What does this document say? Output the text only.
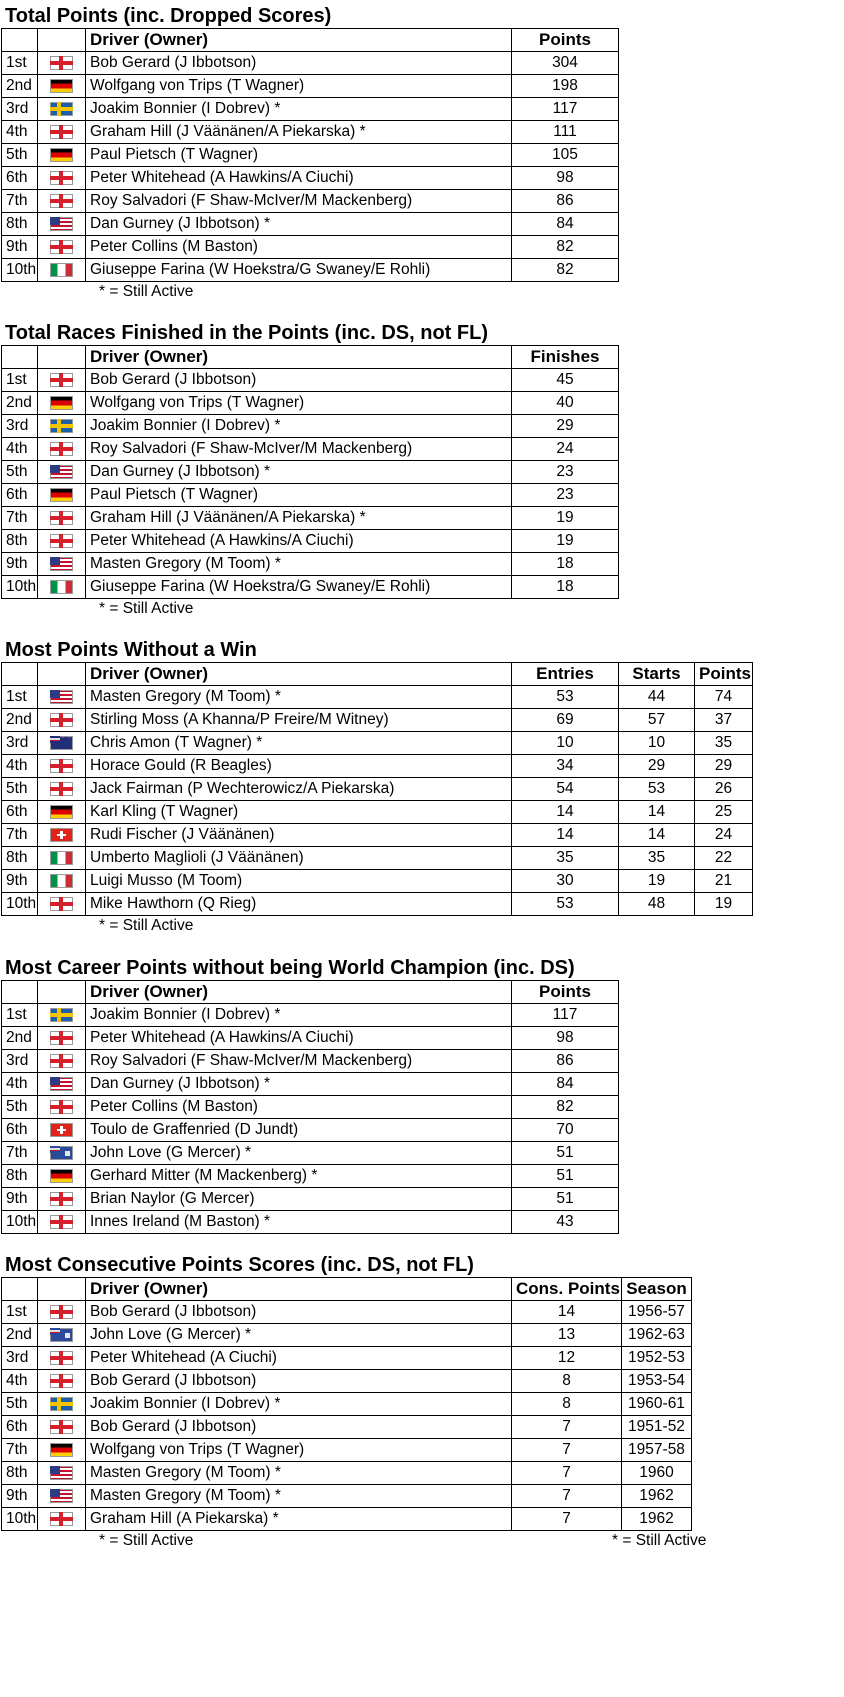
Total Points (inc. Dropped Scores)
		Driver (Owner)	Points
1st		Bob Gerard (J Ibbotson)	304
2nd		Wolfgang von Trips (T Wagner)	198
3rd		Joakim Bonnier (I Dobrev) *	117
4th		Graham Hill (J Väänänen/A Piekarska) *	111
5th		Paul Pietsch (T Wagner)	105
6th		Peter Whitehead (A Hawkins/A Ciuchi)	98
7th		Roy Salvadori (F Shaw-McIver/M Mackenberg)	86
8th		Dan Gurney (J Ibbotson) *	84
9th		Peter Collins (M Baston)	82
10th		Giuseppe Farina (W Hoekstra/G Swaney/E Rohli)	82
* = Still Active
Total Races Finished in the Points (inc. DS, not FL)
		Driver (Owner)	Finishes
1st		Bob Gerard (J Ibbotson)	45
2nd		Wolfgang von Trips (T Wagner)	40
3rd		Joakim Bonnier (I Dobrev) *	29
4th		Roy Salvadori (F Shaw-McIver/M Mackenberg)	24
5th		Dan Gurney (J Ibbotson) *	23
6th		Paul Pietsch (T Wagner)	23
7th		Graham Hill (J Väänänen/A Piekarska) *	19
8th		Peter Whitehead (A Hawkins/A Ciuchi)	19
9th		Masten Gregory (M Toom) *	18
10th		Giuseppe Farina (W Hoekstra/G Swaney/E Rohli)	18
* = Still Active
Most Points Without a Win
		Driver (Owner)	Entries	Starts	Points
1st		Masten Gregory (M Toom) *	53	44	74
2nd		Stirling Moss (A Khanna/P Freire/M Witney)	69	57	37
3rd	· ·	Chris Amon (T Wagner) *	10	10	35
4th		Horace Gould (R Beagles)	34	29	29
5th		Jack Fairman (P Wechterowicz/A Piekarska)	54	53	26
6th		Karl Kling (T Wagner)	14	14	25
7th		Rudi Fischer (J Väänänen)	14	14	24
8th		Umberto Maglioli (J Väänänen)	35	35	22
9th		Luigi Musso (M Toom)	30	19	21
10th		Mike Hawthorn (Q Rieg)	53	48	19
* = Still Active
Most Career Points without being World Champion (inc. DS)
		Driver (Owner)	Points
1st		Joakim Bonnier (I Dobrev) *	117
2nd		Peter Whitehead (A Hawkins/A Ciuchi)	98
3rd		Roy Salvadori (F Shaw-McIver/M Mackenberg)	86
4th		Dan Gurney (J Ibbotson) *	84
5th		Peter Collins (M Baston)	82
6th		Toulo de Graffenried (D Jundt)	70
7th		John Love (G Mercer) *	51
8th		Gerhard Mitter (M Mackenberg) *	51
9th		Brian Naylor (G Mercer)	51
10th		Innes Ireland (M Baston) *	43
Most Consecutive Points Scores (inc. DS, not FL)
		Driver (Owner)	Cons. Points	Season
1st		Bob Gerard (J Ibbotson)	14	1956-57
2nd		John Love (G Mercer) *	13	1962-63
3rd		Peter Whitehead (A Ciuchi)	12	1952-53
4th		Bob Gerard (J Ibbotson)	8	1953-54
5th		Joakim Bonnier (I Dobrev) *	8	1960-61
6th		Bob Gerard (J Ibbotson)	7	1951-52
7th		Wolfgang von Trips (T Wagner)	7	1957-58
8th		Masten Gregory (M Toom) *	7	1960
9th		Masten Gregory (M Toom) *	7	1962
10th		Graham Hill (A Piekarska) *	7	1962
* = Still Active	* = Still Active
